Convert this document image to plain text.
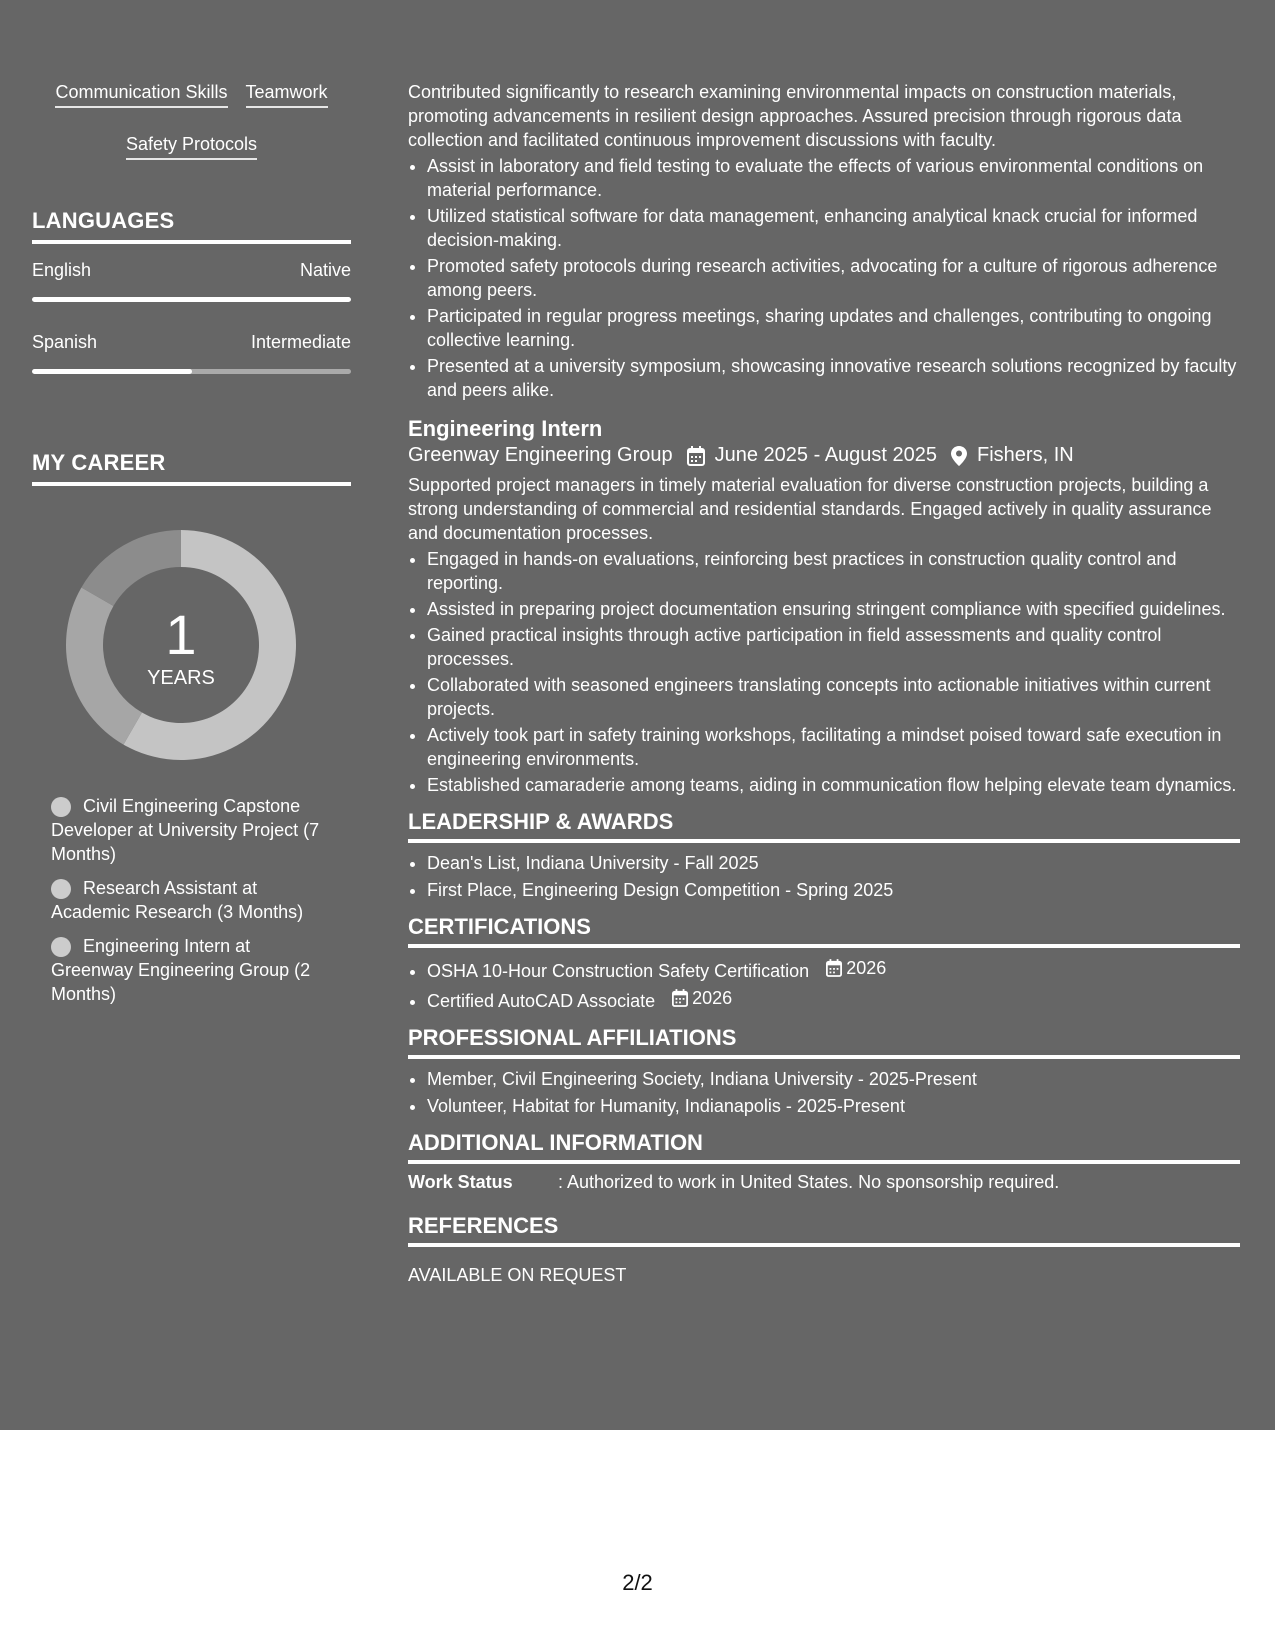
Communication Skills Teamwork
Safety Protocols
LANGUAGES
English	Native
Spanish	Intermediate
MY CAREER
1
YEARS
Civil Engineering Capstone Developer at University Project (7 Months)
Research Assistant at Academic Research (3 Months)
Engineering Intern at Greenway Engineering Group (2 Months)

Contributed significantly to research examining environmental impacts on construction materials, promoting advancements in resilient design approaches. Assured precision through rigorous data collection and facilitated continuous improvement discussions with faculty.

• Assist in laboratory and field testing to evaluate the effects of various environmental conditions on material performance.
• Utilized statistical software for data management, enhancing analytical knack crucial for informed decision-making.
• Promoted safety protocols during research activities, advocating for a culture of rigorous adherence among peers.
• Participated in regular progress meetings, sharing updates and challenges, contributing to ongoing collective learning.
• Presented at a university symposium, showcasing innovative research solutions recognized by faculty and peers alike.
Engineering Intern
Greenway Engineering Group June 2025 - August 2025 Fishers, IN

Supported project managers in timely material evaluation for diverse construction projects, building a strong understanding of commercial and residential standards. Engaged actively in quality assurance and documentation processes.

• Engaged in hands-on evaluations, reinforcing best practices in construction quality control and reporting.
• Assisted in preparing project documentation ensuring stringent compliance with specified guidelines.
• Gained practical insights through active participation in field assessments and quality control processes.
• Collaborated with seasoned engineers translating concepts into actionable initiatives within current projects.
• Actively took part in safety training workshops, facilitating a mindset poised toward safe execution in engineering environments.
• Established camaraderie among teams, aiding in communication flow helping elevate team dynamics.
LEADERSHIP & AWARDS
• Dean's List, Indiana University - Fall 2025
• First Place, Engineering Design Competition - Spring 2025
CERTIFICATIONS
• OSHA 10-Hour Construction Safety Certification 2026
• Certified AutoCAD Associate 2026
PROFESSIONAL AFFILIATIONS
• Member, Civil Engineering Society, Indiana University - 2025-Present
• Volunteer, Habitat for Humanity, Indianapolis - 2025-Present
ADDITIONAL INFORMATION
Work Status	: Authorized to work in United States. No sponsorship required.
REFERENCES
AVAILABLE ON REQUEST
2/2
